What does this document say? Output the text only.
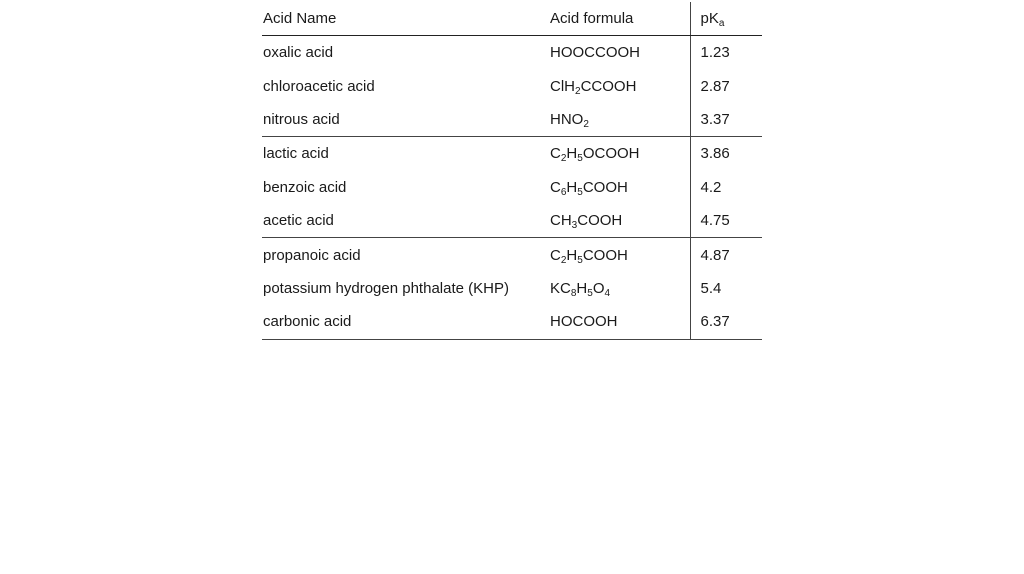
Acid Name	Acid formula	$pK_a$
oxalic acid	HOOCCOOH	1.23
chloroacetic acid	ClH$_2$CCOOH	2.87
nitrous acid	$HNO_2$	3.37
lactic acid	$C_2H_5OCOOH$	3.86
benzoic acid	$C_6H_5COOH$	4.2
acetic acid	$CH_3COOH$	4.75
propanoic acid	$C_2H_5COOH$	4.87
potassium hydrogen phthalate (KHP)	$KC_8H_5O_4$	5.4
carbonic acid	HOCOOH	6.37
